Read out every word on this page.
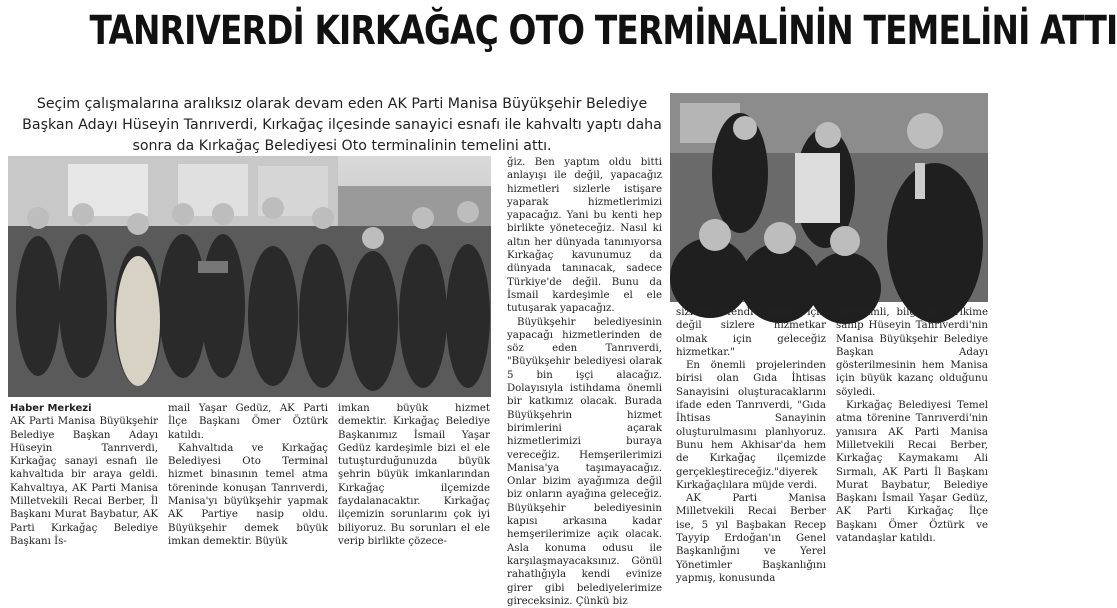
TANRIVERDİ KIRKAĞAÇ OTO TERMİNALİNİN TEMELİNİ ATTI
Seçim çalışmalarına aralıksız olarak devam eden AK Parti Manisa Büyükşehir Belediye Başkan Adayı Hüseyin Tanrıverdi, Kırkağaç ilçesinde sanayici esnafı ile kahvaltı yaptı daha sonra da Kırkağaç Belediyesi Oto terminalinin temelini attı.
Haber Merkezi

AK Parti Manisa Büyükşehir Belediye Başkan Adayı Hüseyin Tanrıverdi, Kırkağaç sanayi esnafı ile kahvaltıda bir araya geldi. Kahvaltıya, AK Parti Manisa Milletvekili Recai Berber, İl Başkanı Murat Baybatur, AK Parti Kırkağaç Belediye Başkanı İs-

mail Yaşar Gedüz, AK Parti İlçe Başkanı Ömer Öztürk katıldı.

Kahvaltıda ve Kırkağaç Belediyesi Oto Terminal hizmet binasının temel atma töreninde konuşan Tanrıverdi, Manisa'yı büyükşehir yapmak AK Partiye nasip oldu. Büyükşehir demek büyük imkan demektir. Büyük

imkan büyük hizmet demektir. Kırkağaç Belediye Başkanımız İsmail Yaşar Gedüz kardeşimle bizi el ele tutuşturduğunuzda büyük şehrin büyük imkanlarından Kırkağaç ilçemizde faydalanacaktır. Kırkağaç ilçemizin sorunlarını çok iyi biliyoruz. Bu sorunları el ele verip birlikte çözece-

ğiz. Ben yaptım oldu bitti anlayışı ile değil, yapacağız hizmetleri sizlerle istişare yaparak hizmetlerimizi yapacağız. Yani bu kenti hep birlikte yöneteceğiz. Nasıl ki altın her dünyada tanınıyorsa Kırkağaç kavunumuz da dünyada tanınacak, sadece Türkiye'de değil. Bunu da İsmail kardeşimle el ele tutuşarak yapacağız.

Büyükşehir belediyesinin yapacağı hizmetlerinden de söz eden Tanrıverdi, "Büyükşehir belediyesi olarak 5 bin işçi alacağız. Dolayısıyla istihdama önemli bir katkımız olacak. Burada Büyükşehrin hizmet birimlerini açarak hizmetlerimizi buraya vereceğiz. Hemşerilerimizi Manisa'ya taşımayacağız. Onlar bizim ayağımıza değil biz onların ayağına geleceğiz. Büyükşehir belediyesinin kapısı arkasına kadar hemşerilerimize açık olacak. Asla konuma odusu ile karşılaşmayacaksınız. Gönül rahatlığıyla kendi evinize girer gibi belediyelerimize gireceksiniz. Çünkü biz

sizlere efendi olmak için değil sizlere hizmetkar olmak için geleceğiz hizmetkar."

En önemli projelerinden birisi olan Gıda İhtisas Sanayisini oluşturacaklarını ifade eden Tanrıverdi, "Gıda İhtisas Sanayinin oluşturulmasını planlıyoruz. Bunu hem Akhisar'da hem de Kırkağaç ilçemizde gerçekleştireceğiz."diyerek Kırkağaçlılara müjde verdi.

AK Parti Manisa Milletvekili Recai Berber ise, 5 yıl Başbakan Recep Tayyip Erdoğan'ın Genel Başkanlığını ve Yerel Yönetimler Başkanlığını yapmış, konusunda

deneyimli, bilgi ve birikime sahip Hüseyin Tanrıverdi'nin Manisa Büyükşehir Belediye Başkan Adayı gösterilmesinin hem Manisa için büyük kazanç olduğunu söyledi.

Kırkağaç Belediyesi Temel atma törenine Tanrıverdi'nin yanısıra AK Parti Manisa Milletvekili Recai Berber, Kırkağaç Kaymakamı Ali Sırmalı, AK Parti İl Başkanı Murat Baybatur, Belediye Başkanı İsmail Yaşar Gedüz, AK Parti Kırkağaç İlçe Başkanı Ömer Öztürk ve vatandaşlar katıldı.
